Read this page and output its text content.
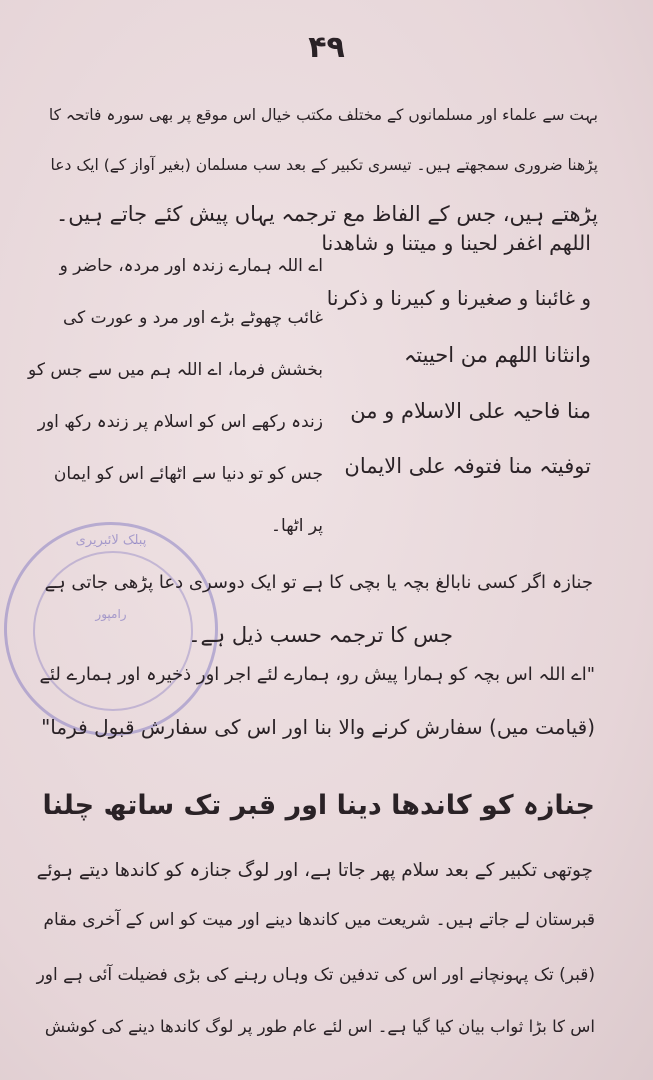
۴۹
بہت سے علماء اور مسلمانوں کے مختلف مکتب خیال اس موقع پر بھی سورہ فاتحہ کا
پڑھنا ضروری سمجھتے ہیں۔ تیسری تکبیر کے بعد سب مسلمان (بغیر آواز کے) ایک دعا
پڑھتے ہیں، جس کے الفاظ مع ترجمہ یہاں پیش کئے جاتے ہیں۔
اللھم اغفر لحینا و میتنا و شاھدنا
و غائبنا و صغیرنا و کبیرنا و ذکرنا
وانثانا اللھم من احییتہ
منا فاحیہ علی الاسلام و من
توفیتہ منا فتوفہ علی الایمان
اے اللہ ہمارے زندہ اور مردہ، حاضر و
غائب چھوٹے بڑے اور مرد و عورت کی
بخشش فرما، اے اللہ ہم میں سے جس کو
زندہ رکھے اس کو اسلام پر زندہ رکھ اور
جس کو تو دنیا سے اٹھائے اس کو ایمان
پر اٹھا۔
پبلک لائبریری
رامپور
جنازہ اگر کسی نابالغ بچہ یا بچی کا ہے تو ایک دوسری دعا پڑھی جاتی ہے
جس کا ترجمہ حسب ذیل ہے۔
"اے اللہ اس بچہ کو ہمارا پیش رو، ہمارے لئے اجر اور ذخیرہ اور ہمارے لئے
(قیامت میں) سفارش کرنے والا بنا اور اس کی سفارش قبول فرما"
جنازہ کو کاندھا دینا اور قبر تک ساتھ چلنا
چوتھی تکبیر کے بعد سلام پھر جاتا ہے، اور لوگ جنازہ کو کاندھا دیتے ہوئے
قبرستان لے جاتے ہیں۔ شریعت میں کاندھا دینے اور میت کو اس کے آخری مقام
(قبر) تک پہونچانے اور اس کی تدفین تک وہاں رہنے کی بڑی فضیلت آئی ہے اور
اس کا بڑا ثواب بیان کیا گیا ہے۔ اس لئے عام طور پر لوگ کاندھا دینے کی کوشش
